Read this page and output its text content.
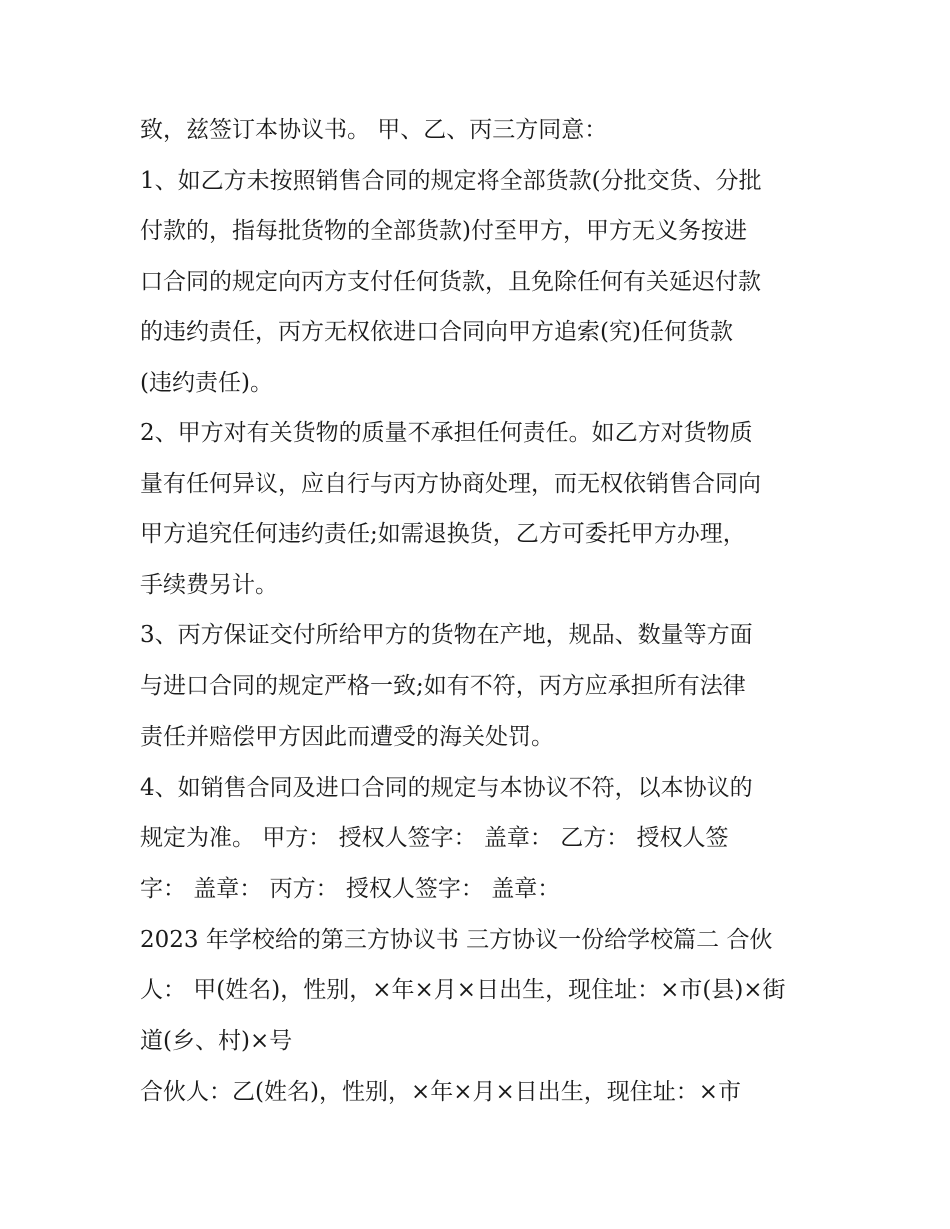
致，兹签订本协议书。 甲、乙、丙三方同意：

1、如乙方未按照销售合同的规定将全部货款(分批交货、分批

付款的，指每批货物的全部货款)付至甲方，甲方无义务按进

口合同的规定向丙方支付任何货款，且免除任何有关延迟付款

的违约责任，丙方无权依进口合同向甲方追索(究)任何货款

(违约责任)。

2、甲方对有关货物的质量不承担任何责任。如乙方对货物质

量有任何异议，应自行与丙方协商处理，而无权依销售合同向

甲方追究任何违约责任;如需退换货，乙方可委托甲方办理，

手续费另计。

3、丙方保证交付所给甲方的货物在产地，规品、数量等方面

与进口合同的规定严格一致;如有不符，丙方应承担所有法律

责任并赔偿甲方因此而遭受的海关处罚。

4、如销售合同及进口合同的规定与本协议不符，以本协议的

规定为准。 甲方： 授权人签字： 盖章： 乙方： 授权人签

字： 盖章： 丙方： 授权人签字： 盖章：

2023 年学校给的第三方协议书 三方协议一份给学校篇二 合伙

人： 甲(姓名)，性别，×年×月×日出生，现住址：×市(县)×街

道(乡、村)×号

合伙人：乙(姓名)，性别，×年×月×日出生，现住址：×市
